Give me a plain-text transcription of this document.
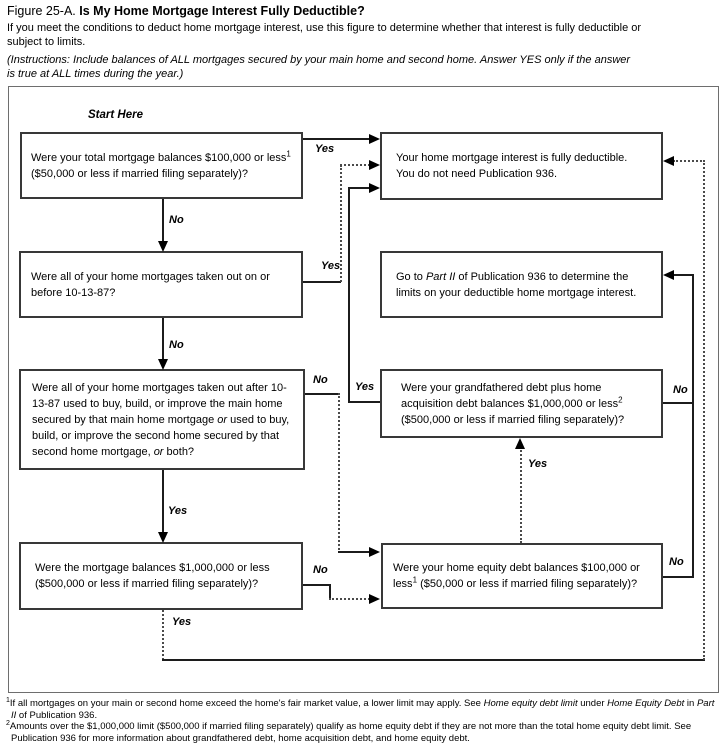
Figure 25-A. Is My Home Mortgage Interest Fully Deductible?
If you meet the conditions to deduct home mortgage interest, use this figure to determine whether that interest is fully deductible or
subject to limits.
(Instructions: Include balances of ALL mortgages secured by your main home and second home. Answer YES only if the answer
is true at ALL times during the year.)
Start Here
Were your total mortgage balances $100,000 or less$^1$ ($50,000 or less if married filing separately)?
Your home mortgage interest is fully deductible.
You do not need Publication 936.
Were all of your home mortgages taken out on or before 10-13-87?
Go to Part II of Publication 936 to determine the limits on your deductible home mortgage interest.
Were all of your home mortgages taken out after 10-13-87 used to buy, build, or improve the main home secured by that main home mortgage or used to buy, build, or improve the second home secured by that second home mortgage, or both?
Were your grandfathered debt plus home acquisition debt balances $1,000,000 or less$^2$ ($500,000 or less if married filing separately)?
Were the mortgage balances $1,000,000 or less ($500,000 or less if married filing separately)?
Were your home equity debt balances $100,000 or less$^1$ ($50,000 or less if married filing separately)?
Yes
No
Yes
No
No
Yes
No
Yes
Yes	No
Yes
No
$^1$If all mortgages on your main or second home exceed the home's fair market value, a lower limit may apply. See Home equity debt limit under Home Equity Debt in Part II of Publication 936.
$^2$Amounts over the $1,000,000 limit ($500,000 if married filing separately) qualify as home equity debt if they are not more than the total home equity debt limit. See Publication 936 for more information about grandfathered debt, home acquisition debt, and home equity debt.
